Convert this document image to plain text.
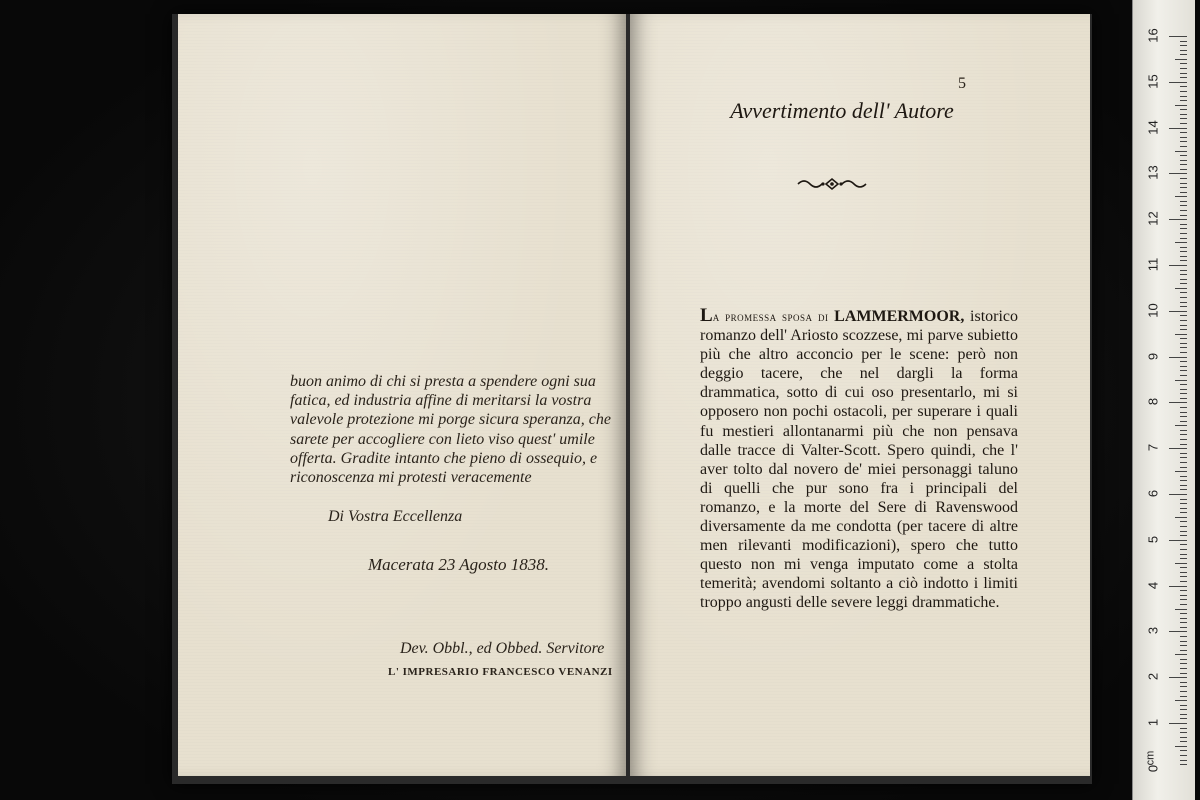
buon animo di chi si presta a spendere ogni sua fatica, ed industria affine di meritarsi la vostra valevole protezione mi porge sicura speranza, che sarete per accogliere con lieto viso quest' umile offerta. Gradite intanto che pieno di ossequio, e riconoscenza mi protesti veracemente
Di Vostra Eccellenza
Macerata 23 Agosto 1838.
Dev. Obbl., ed Obbed. Servitore
L' IMPRESARIO FRANCESCO VENANZI
5
Avvertimento dell' Autore
La promessa sposa di LAMMERMOOR, istorico romanzo dell' Ariosto scozzese, mi parve subietto più che altro acconcio per le scene: però non deggio tacere, che nel dargli la forma drammatica, sotto di cui oso presentarlo, mi si opposero non pochi ostacoli, per superare i quali fu mestieri allontanarmi più che non pensava dalle tracce di Valter-Scott. Spero quindi, che l' aver tolto dal novero de' miei personaggi taluno di quelli che pur sono fra i principali del romanzo, e la morte del Sere di Ravenswood diversamente da me condotta (per tacere di altre men rilevanti modificazioni), spero che tutto questo non mi venga imputato come a stolta temerità; avendomi soltanto a ciò indotto i limiti troppo angusti delle severe leggi drammatiche.
16
15
14
13
12
11
10
9
8
7
6
5
4
3
2
1
0
cm
